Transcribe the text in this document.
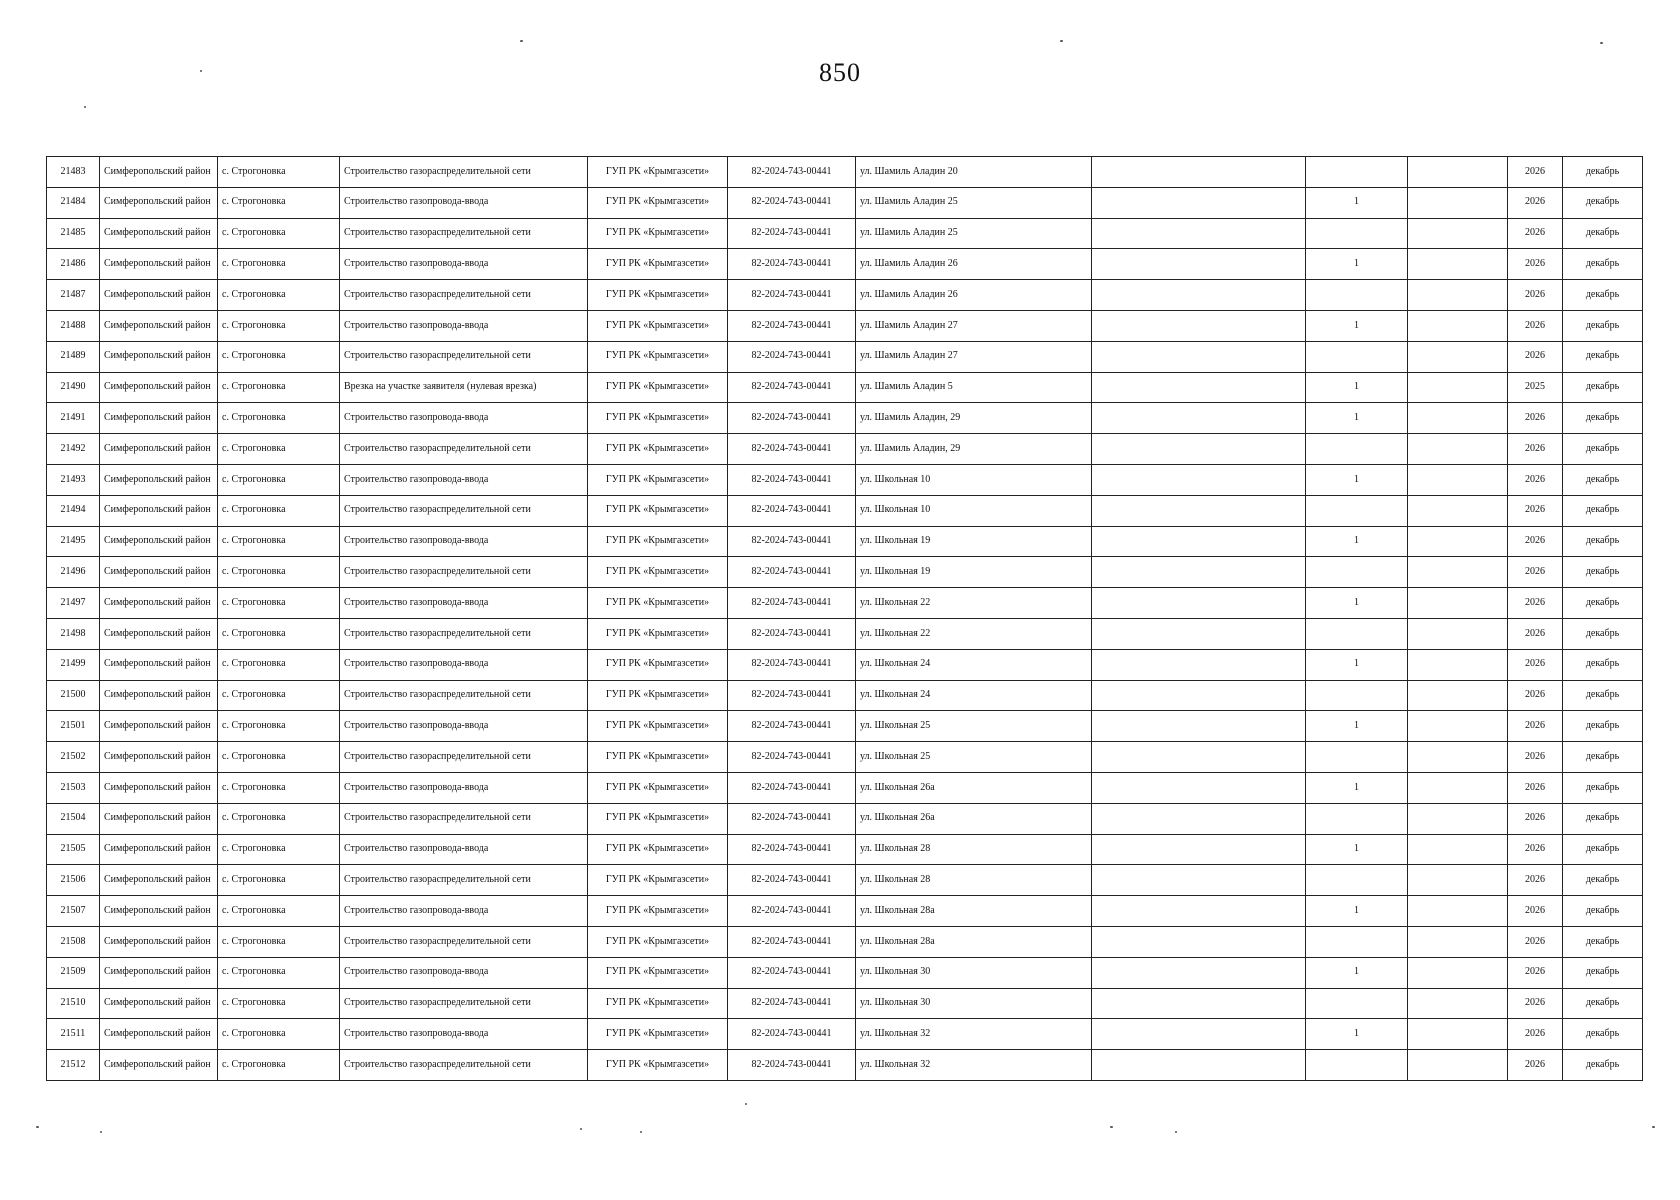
850
21483	Симферопольский район	с. Строгоновка	Строительство газораспределительной сети	ГУП РК «Крымгазсети»	82-2024-743-00441	ул. Шамиль Аладин 20				2026	декабрь
21484	Симферопольский район	с. Строгоновка	Строительство газопровода-ввода	ГУП РК «Крымгазсети»	82-2024-743-00441	ул. Шамиль Аладин 25		1		2026	декабрь
21485	Симферопольский район	с. Строгоновка	Строительство газораспределительной сети	ГУП РК «Крымгазсети»	82-2024-743-00441	ул. Шамиль Аладин 25				2026	декабрь
21486	Симферопольский район	с. Строгоновка	Строительство газопровода-ввода	ГУП РК «Крымгазсети»	82-2024-743-00441	ул. Шамиль Аладин 26		1		2026	декабрь
21487	Симферопольский район	с. Строгоновка	Строительство газораспределительной сети	ГУП РК «Крымгазсети»	82-2024-743-00441	ул. Шамиль Аладин 26				2026	декабрь
21488	Симферопольский район	с. Строгоновка	Строительство газопровода-ввода	ГУП РК «Крымгазсети»	82-2024-743-00441	ул. Шамиль Аладин 27		1		2026	декабрь
21489	Симферопольский район	с. Строгоновка	Строительство газораспределительной сети	ГУП РК «Крымгазсети»	82-2024-743-00441	ул. Шамиль Аладин 27				2026	декабрь
21490	Симферопольский район	с. Строгоновка	Врезка на участке заявителя (нулевая врезка)	ГУП РК «Крымгазсети»	82-2024-743-00441	ул. Шамиль Аладин 5		1		2025	декабрь
21491	Симферопольский район	с. Строгоновка	Строительство газопровода-ввода	ГУП РК «Крымгазсети»	82-2024-743-00441	ул. Шамиль Аладин, 29		1		2026	декабрь
21492	Симферопольский район	с. Строгоновка	Строительство газораспределительной сети	ГУП РК «Крымгазсети»	82-2024-743-00441	ул. Шамиль Аладин, 29				2026	декабрь
21493	Симферопольский район	с. Строгоновка	Строительство газопровода-ввода	ГУП РК «Крымгазсети»	82-2024-743-00441	ул. Школьная 10		1		2026	декабрь
21494	Симферопольский район	с. Строгоновка	Строительство газораспределительной сети	ГУП РК «Крымгазсети»	82-2024-743-00441	ул. Школьная 10				2026	декабрь
21495	Симферопольский район	с. Строгоновка	Строительство газопровода-ввода	ГУП РК «Крымгазсети»	82-2024-743-00441	ул. Школьная 19		1		2026	декабрь
21496	Симферопольский район	с. Строгоновка	Строительство газораспределительной сети	ГУП РК «Крымгазсети»	82-2024-743-00441	ул. Школьная 19				2026	декабрь
21497	Симферопольский район	с. Строгоновка	Строительство газопровода-ввода	ГУП РК «Крымгазсети»	82-2024-743-00441	ул. Школьная 22		1		2026	декабрь
21498	Симферопольский район	с. Строгоновка	Строительство газораспределительной сети	ГУП РК «Крымгазсети»	82-2024-743-00441	ул. Школьная 22				2026	декабрь
21499	Симферопольский район	с. Строгоновка	Строительство газопровода-ввода	ГУП РК «Крымгазсети»	82-2024-743-00441	ул. Школьная 24		1		2026	декабрь
21500	Симферопольский район	с. Строгоновка	Строительство газораспределительной сети	ГУП РК «Крымгазсети»	82-2024-743-00441	ул. Школьная 24				2026	декабрь
21501	Симферопольский район	с. Строгоновка	Строительство газопровода-ввода	ГУП РК «Крымгазсети»	82-2024-743-00441	ул. Школьная 25		1		2026	декабрь
21502	Симферопольский район	с. Строгоновка	Строительство газораспределительной сети	ГУП РК «Крымгазсети»	82-2024-743-00441	ул. Школьная 25				2026	декабрь
21503	Симферопольский район	с. Строгоновка	Строительство газопровода-ввода	ГУП РК «Крымгазсети»	82-2024-743-00441	ул. Школьная 26а		1		2026	декабрь
21504	Симферопольский район	с. Строгоновка	Строительство газораспределительной сети	ГУП РК «Крымгазсети»	82-2024-743-00441	ул. Школьная 26а				2026	декабрь
21505	Симферопольский район	с. Строгоновка	Строительство газопровода-ввода	ГУП РК «Крымгазсети»	82-2024-743-00441	ул. Школьная 28		1		2026	декабрь
21506	Симферопольский район	с. Строгоновка	Строительство газораспределительной сети	ГУП РК «Крымгазсети»	82-2024-743-00441	ул. Школьная 28				2026	декабрь
21507	Симферопольский район	с. Строгоновка	Строительство газопровода-ввода	ГУП РК «Крымгазсети»	82-2024-743-00441	ул. Школьная 28а		1		2026	декабрь
21508	Симферопольский район	с. Строгоновка	Строительство газораспределительной сети	ГУП РК «Крымгазсети»	82-2024-743-00441	ул. Школьная 28а				2026	декабрь
21509	Симферопольский район	с. Строгоновка	Строительство газопровода-ввода	ГУП РК «Крымгазсети»	82-2024-743-00441	ул. Школьная 30		1		2026	декабрь
21510	Симферопольский район	с. Строгоновка	Строительство газораспределительной сети	ГУП РК «Крымгазсети»	82-2024-743-00441	ул. Школьная 30				2026	декабрь
21511	Симферопольский район	с. Строгоновка	Строительство газопровода-ввода	ГУП РК «Крымгазсети»	82-2024-743-00441	ул. Школьная 32		1		2026	декабрь
21512	Симферопольский район	с. Строгоновка	Строительство газораспределительной сети	ГУП РК «Крымгазсети»	82-2024-743-00441	ул. Школьная 32				2026	декабрь
